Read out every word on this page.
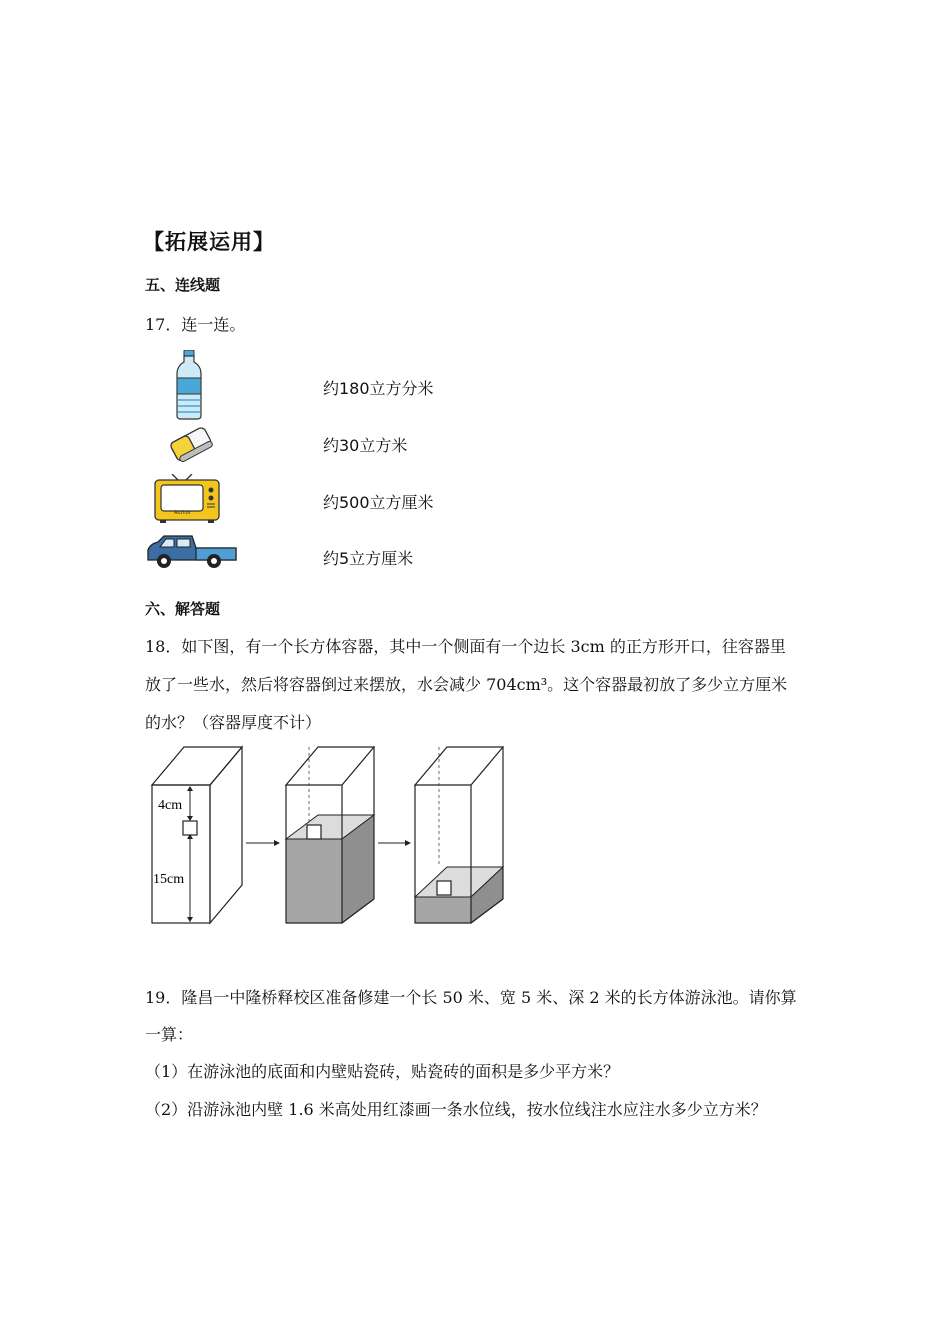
【拓展运用】
五、连线题
17．连一连。
Author
约180立方分米
约30立方米
约500立方厘米
约5立方厘米
六、解答题
18．如下图，有一个长方体容器，其中一个侧面有一个边长 3cm 的正方形开口，往容器里
放了一些水，然后将容器倒过来摆放，水会减少 704cm³。这个容器最初放了多少立方厘米
的水？（容器厚度不计）
4cm
15cm
19．隆昌一中隆桥释校区准备修建一个长 50 米、宽 5 米、深 2 米的长方体游泳池。请你算
一算：
（1）在游泳池的底面和内壁贴瓷砖，贴瓷砖的面积是多少平方米？
（2）沿游泳池内壁 1.6 米高处用红漆画一条水位线，按水位线注水应注水多少立方米？
